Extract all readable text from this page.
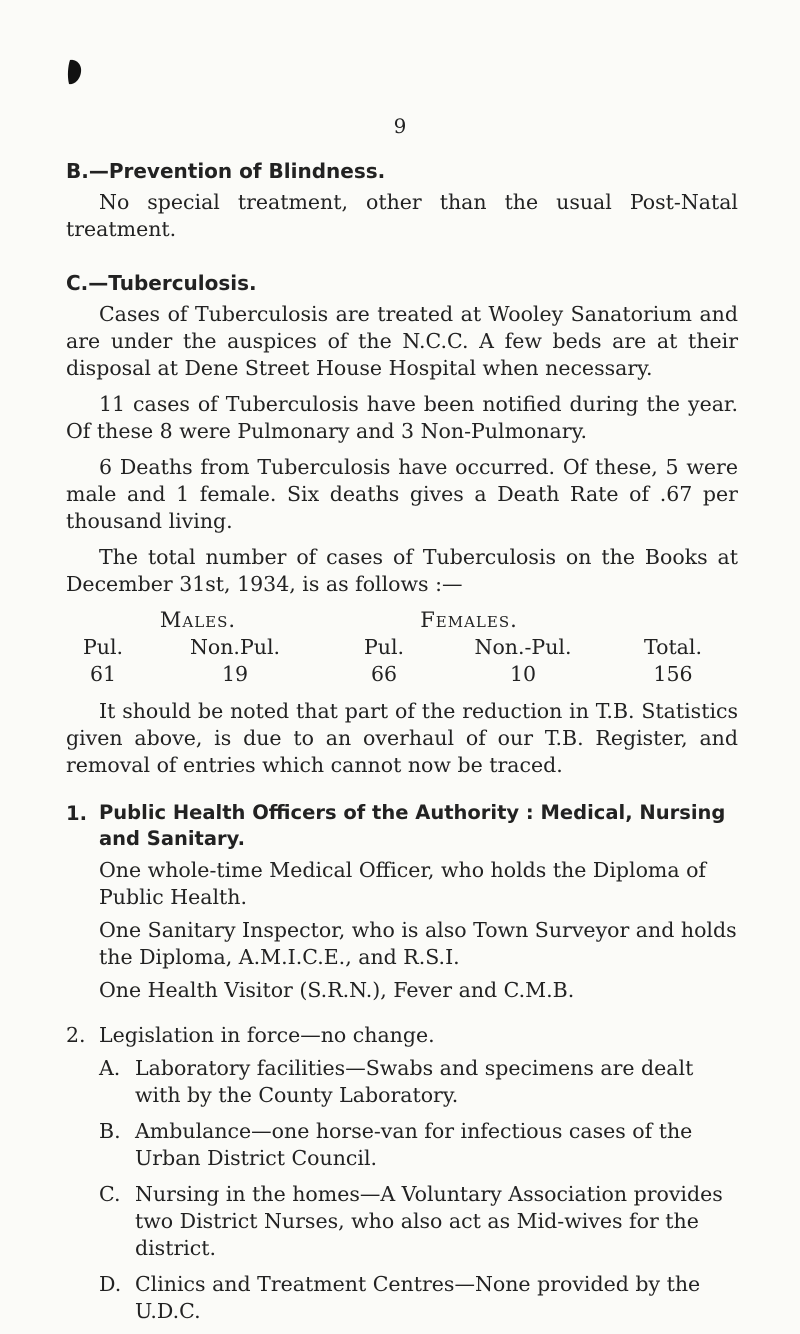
9
B.—Prevention of Blindness.

No special treatment, other than the usual Post-Natal treatment.

C.—Tuberculosis.

Cases of Tuberculosis are treated at Wooley Sanatorium and are under the auspices of the N.C.C. A few beds are at their disposal at Dene Street House Hospital when necessary.

11 cases of Tuberculosis have been notified during the year. Of these 8 were Pulmonary and 3 Non-Pulmonary.

6 Deaths from Tuberculosis have occurred. Of these, 5 were male and 1 female. Six deaths gives a Death Rate of .67 per thousand living.

The total number of cases of Tuberculosis on the Books at December 31st, 1934, is as follows :—

Males.		Females.		
Pul.	Non.Pul.	Pul.	Non.-Pul.	Total.
61	19	66	10	156

It should be noted that part of the reduction in T.B. Statistics given above, is due to an overhaul of our T.B. Register, and removal of entries which cannot now be traced.

1. Public Health Officers of the Authority : Medical, Nursing and Sanitary.

One whole-time Medical Officer, who holds the Diploma of Public Health.

One Sanitary Inspector, who is also Town Surveyor and holds the Diploma, A.M.I.C.E., and R.S.I.

One Health Visitor (S.R.N.), Fever and C.M.B.

2. Legislation in force—no change.

A. Laboratory facilities—Swabs and specimens are dealt with by the County Laboratory.
B. Ambulance—one horse-van for infectious cases of the Urban District Council.
C. Nursing in the homes—A Voluntary Association provides two District Nurses, who also act as Mid-wives for the district.
D. Clinics and Treatment Centres—None provided by the U.D.C.
